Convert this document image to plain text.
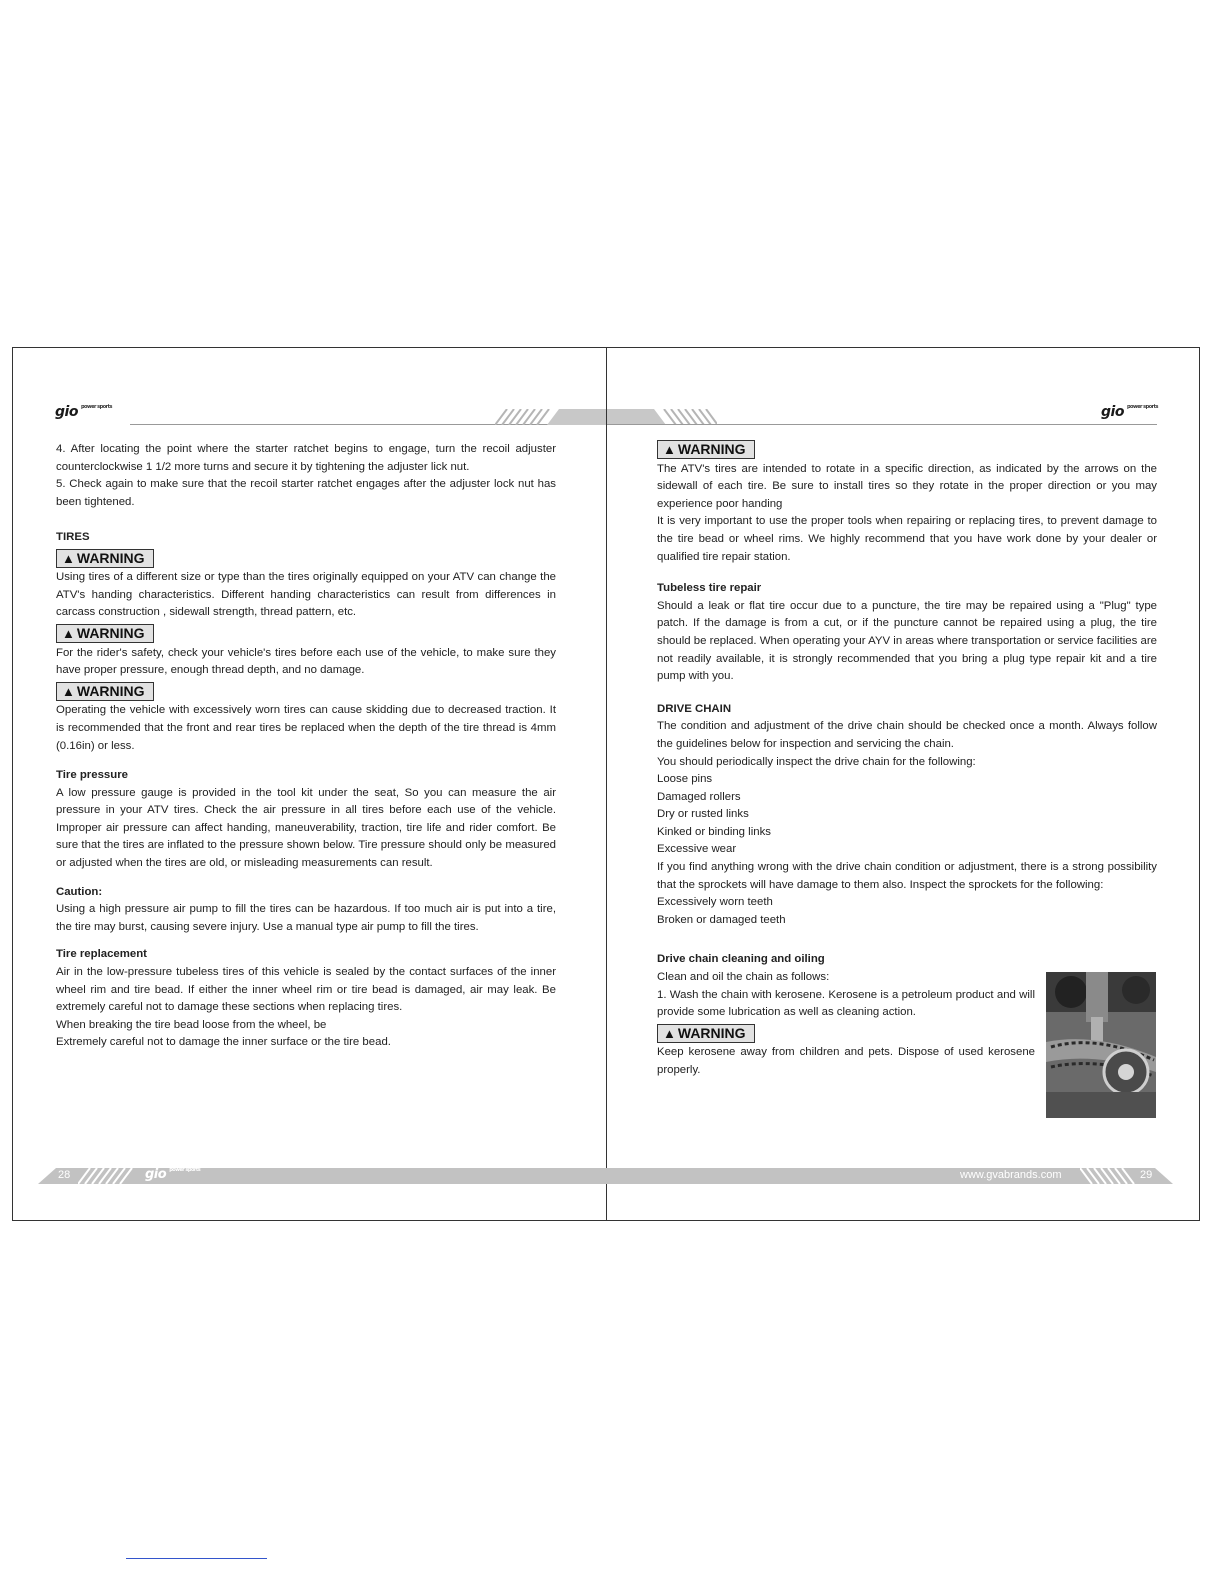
gio $^{power sports}$	gio $^{power sports}$

4. After locating the point where the starter ratchet begins to engage, turn the recoil adjuster counterclockwise 1 1/2 more turns and secure it by tightening the adjuster lick nut.

5. Check again to make sure that the recoil starter ratchet engages after the adjuster lock nut has been tightened.

TIRES

▲ WARNING

Using tires of a different size or type than the tires originally equipped on your ATV can change the ATV's handing characteristics. Different handing characteristics can result from differences in carcass construction , sidewall strength, thread pattern, etc.

▲ WARNING

For the rider's safety, check your vehicle's tires before each use of the vehicle, to make sure they have proper pressure, enough thread depth, and no damage.

▲ WARNING

Operating the vehicle with excessively worn tires can cause skidding due to decreased traction. It is recommended that the front and rear tires be replaced when the depth of the tire thread is 4mm (0.16in) or less.

Tire pressure

A low pressure gauge is provided in the tool kit under the seat, So you can measure the air pressure in your ATV tires. Check the air pressure in all tires before each use of the vehicle. Improper air pressure can affect handing, maneuverability, traction, tire life and rider comfort. Be sure that the tires are inflated to the pressure shown below. Tire pressure should only be measured or adjusted when the tires are old, or misleading measurements can result.

Caution:

Using a high pressure air pump to fill the tires can be hazardous. If too much air is put into a tire, the tire may burst, causing severe injury. Use a manual type air pump to fill the tires.

Tire replacement

Air in the low-pressure tubeless tires of this vehicle is sealed by the contact surfaces of the inner wheel rim and tire bead. If either the inner wheel rim or tire bead is damaged, air may leak. Be extremely careful not to damage these sections when replacing tires.

When breaking the tire bead loose from the wheel, be

Extremely careful not to damage the inner surface or the tire bead.

▲ WARNING

The ATV's tires are intended to rotate in a specific direction, as indicated by the arrows on the sidewall of each tire. Be sure to install tires so they rotate in the proper direction or you may experience poor handing

It is very important to use the proper tools when repairing or replacing tires, to prevent damage to the tire bead or wheel rims. We highly recommend that you have work done by your dealer or qualified tire repair station.

Tubeless tire repair

Should a leak or flat tire occur due to a puncture, the tire may be repaired using a "Plug" type patch. If the damage is from a cut, or if the puncture cannot be repaired using a plug, the tire should be replaced. When operating your AYV in areas where transportation or service facilities are not readily available, it is strongly recommended that you bring a plug type repair kit and a tire pump with you.

DRIVE CHAIN

The condition and adjustment of the drive chain should be checked once a month. Always follow the guidelines below for inspection and servicing the chain.

You should periodically inspect the drive chain for the following:

Loose pins

Damaged rollers

Dry or rusted links

Kinked or binding links

Excessive wear

If you find anything wrong with the drive chain condition or adjustment, there is a strong possibility that the sprockets will have damage to them also. Inspect the sprockets for the following:

Excessively worn teeth

Broken or damaged teeth

Drive chain cleaning and oiling

Clean and oil the chain as follows:

1. Wash the chain with kerosene. Kerosene is a petroleum product and will provide some lubrication as well as cleaning action.

▲ WARNING

Keep kerosene away from children and pets. Dispose of used kerosene properly.

28	gio $^{power sports}$	www.gvabrands.com	29
